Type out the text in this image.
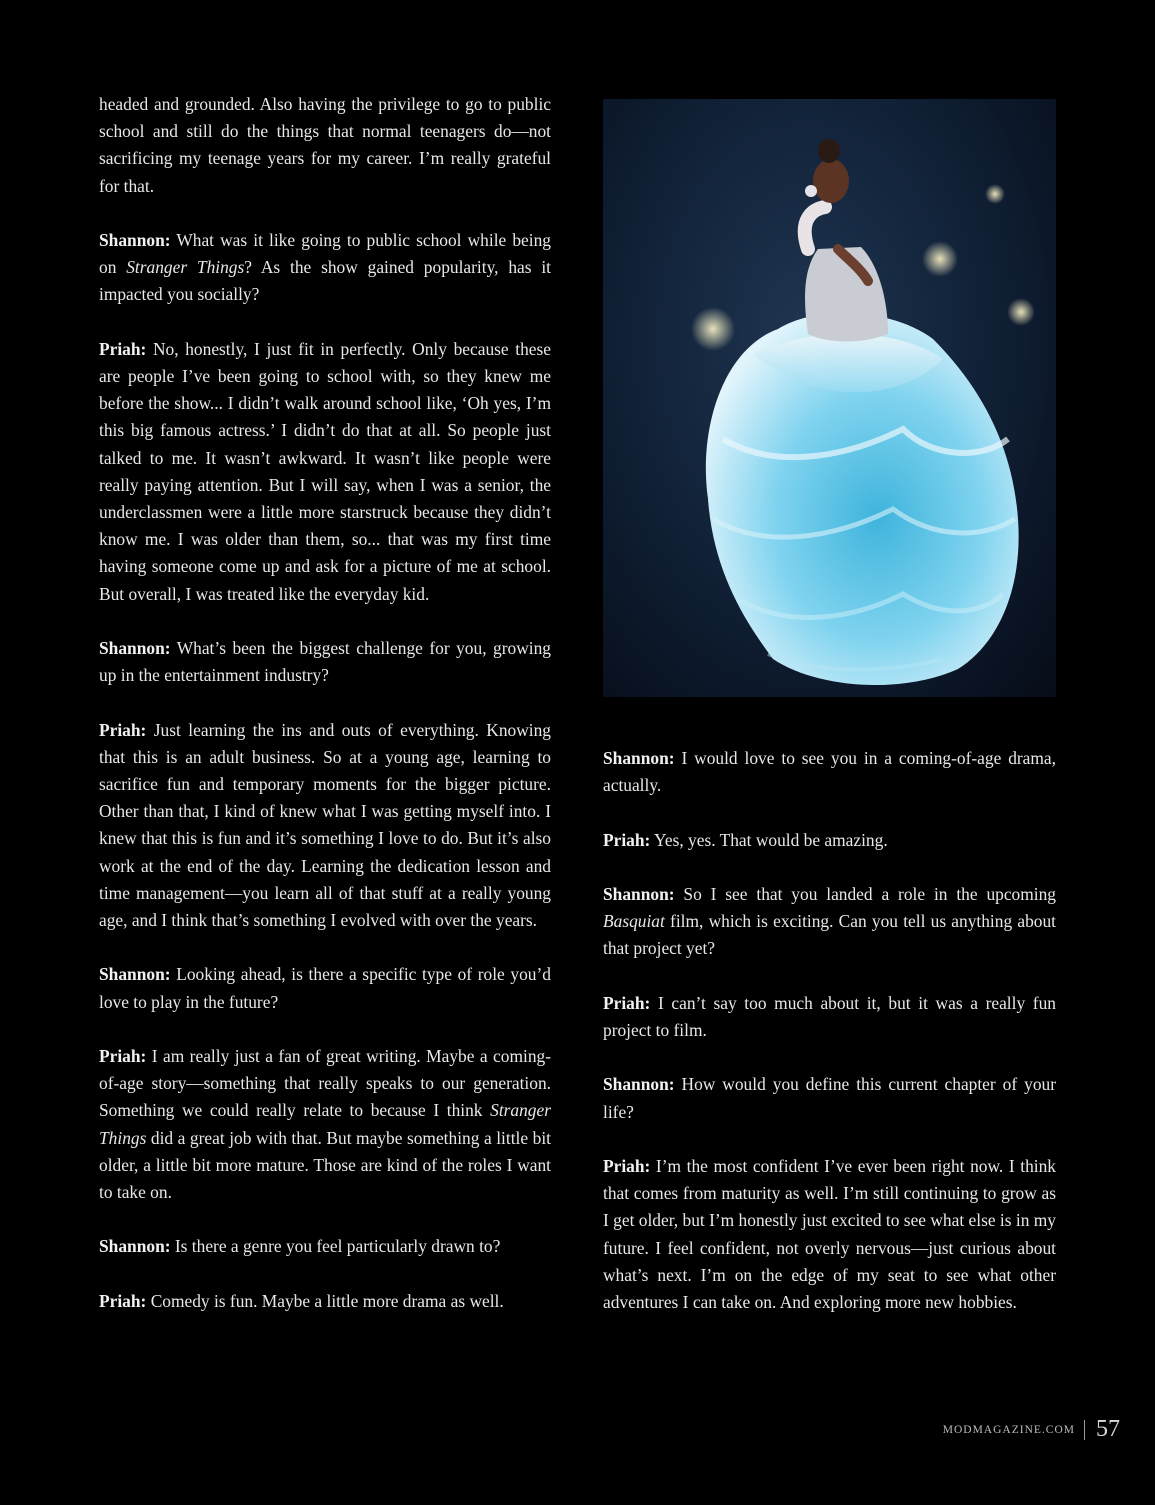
headed and grounded. Also having the privilege to go to public school and still do the things that normal teenagers do—not sacrificing my teenage years for my career. I’m really grateful for that.

Shannon: What was it like going to public school while being on Stranger Things? As the show gained popularity, has it impacted you socially?

Priah: No, honestly, I just fit in perfectly. Only because these are people I’ve been going to school with, so they knew me before the show... I didn’t walk around school like, ‘Oh yes, I’m this big famous actress.’ I didn’t do that at all. So people just talked to me. It wasn’t awkward. It wasn’t like people were really paying attention. But I will say, when I was a senior, the underclassmen were a little more starstruck because they didn’t know me. I was older than them, so... that was my first time having someone come up and ask for a picture of me at school. But overall, I was treated like the everyday kid.

Shannon: What’s been the biggest challenge for you, growing up in the entertainment industry?

Priah: Just learning the ins and outs of everything. Knowing that this is an adult business. So at a young age, learning to sacrifice fun and temporary moments for the bigger picture. Other than that, I kind of knew what I was getting myself into. I knew that this is fun and it’s something I love to do. But it’s also work at the end of the day. Learning the dedication lesson and time management—you learn all of that stuff at a really young age, and I think that’s something I evolved with over the years.

Shannon: Looking ahead, is there a specific type of role you’d love to play in the future?

Priah: I am really just a fan of great writing. Maybe a coming-of-age story—something that really speaks to our generation. Something we could really relate to because I think Stranger Things did a great job with that. But maybe something a little bit older, a little bit more mature. Those are kind of the roles I want to take on.

Shannon: Is there a genre you feel particularly drawn to?

Priah: Comedy is fun. Maybe a little more drama as well.

Shannon: I would love to see you in a coming-of-age drama, actually.

Priah: Yes, yes. That would be amazing.

Shannon: So I see that you landed a role in the upcoming Basquiat film, which is exciting. Can you tell us anything about that project yet?

Priah: I can’t say too much about it, but it was a really fun project to film.

Shannon: How would you define this current chapter of your life?

Priah: I’m the most confident I’ve ever been right now. I think that comes from maturity as well. I’m still continuing to grow as I get older, but I’m honestly just excited to see what else is in my future. I feel confident, not overly nervous—just curious about what’s next. I’m on the edge of my seat to see what other adventures I can take on. And exploring more new hobbies.

MODMAGAZINE.COM 57
